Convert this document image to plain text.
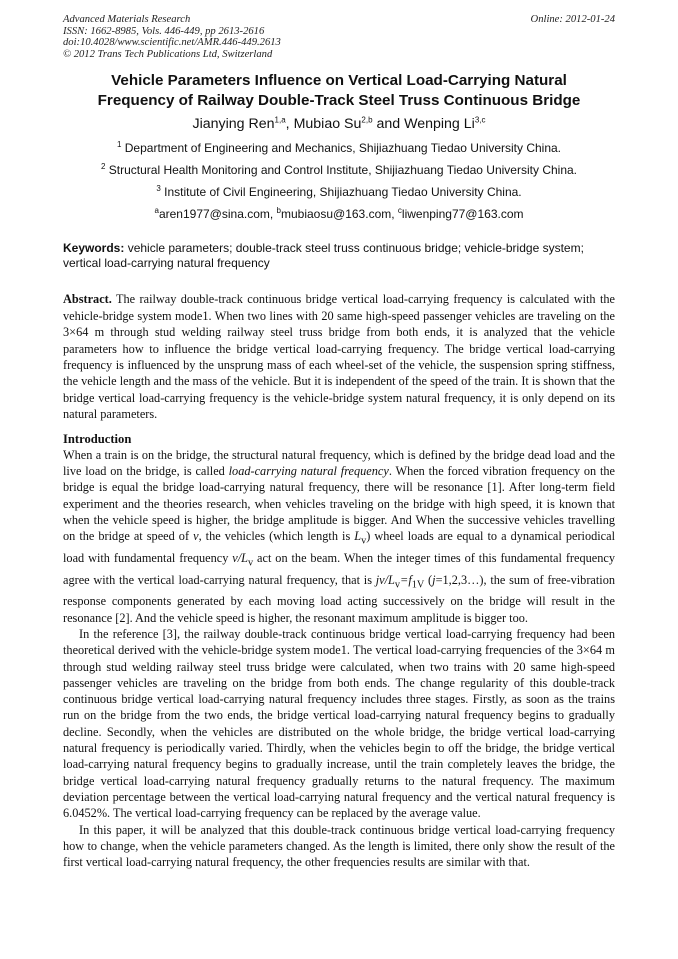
Advanced Materials Research
ISSN: 1662-8985, Vols. 446-449, pp 2613-2616
doi:10.4028/www.scientific.net/AMR.446-449.2613
© 2012 Trans Tech Publications Ltd, Switzerland
Online: 2012-01-24
Vehicle Parameters Influence on Vertical Load-Carrying Natural
Frequency of Railway Double-Track Steel Truss Continuous Bridge
Jianying Ren$^{1,a}$, Mubiao Su$^{2,b}$ and Wenping Li$^{3,c}$
$^1$ Department of Engineering and Mechanics, Shijiazhuang Tiedao University China.
$^2$ Structural Health Monitoring and Control Institute, Shijiazhuang Tiedao University China.
$^3$ Institute of Civil Engineering, Shijiazhuang Tiedao University China.
$^a$aren1977@sina.com, $^b$mubiaosu@163.com, $^c$liwenping77@163.com
Keywords: vehicle parameters; double-track steel truss continuous bridge; vehicle-bridge system; vertical load-carrying natural frequency
Abstract. The railway double-track continuous bridge vertical load-carrying frequency is calculated with the vehicle-bridge system mode1. When two lines with 20 same high-speed passenger vehicles are traveling on the 3×64 m through stud welding railway steel truss bridge from both ends, it is analyzed that the vehicle parameters how to influence the bridge vertical load-carrying frequency. The bridge vertical load-carrying frequency is influenced by the unsprung mass of each wheel-set of the vehicle, the suspension spring stiffness, the vehicle length and the mass of the vehicle. But it is independent of the speed of the train. It is shown that the bridge vertical load-carrying frequency is the vehicle-bridge system natural frequency, it is only depend on its natural parameters.
Introduction

When a train is on the bridge, the structural natural frequency, which is defined by the bridge dead load and the live load on the bridge, is called load-carrying natural frequency. When the forced vibration frequency on the bridge is equal the bridge load-carrying natural frequency, there will be resonance [1]. After long-term field experiment and the theories research, when vehicles traveling on the bridge with high speed, it is known that when the vehicle speed is higher, the bridge amplitude is bigger. And When the successive vehicles travelling on the bridge at speed of v, the vehicles (which length is $L_v$) wheel loads are equal to a dynamical periodical load with fundamental frequency $v/L_v$ act on the beam. When the integer times of this fundamental frequency agree with the vertical load-carrying natural frequency, that is $jv/L_v=f_{1V}$ (j=1,2,3…), the sum of free-vibration response components generated by each moving load acting successively on the bridge will result in the resonance [2]. And the vehicle speed is higher, the resonant maximum amplitude is bigger too.

In the reference [3], the railway double-track continuous bridge vertical load-carrying frequency had been theoretical derived with the vehicle-bridge system mode1. The vertical load-carrying frequencies of the 3×64 m through stud welding railway steel truss bridge were calculated, when two trains with 20 same high-speed passenger vehicles are traveling on the bridge from both ends. The change regularity of this double-track continuous bridge vertical load-carrying natural frequency includes three stages. Firstly, as soon as the trains run on the bridge from the two ends, the bridge vertical load-carrying natural frequency begins to gradually decline. Secondly, when the vehicles are distributed on the whole bridge, the bridge vertical load-carrying natural frequency is periodically varied. Thirdly, when the vehicles begin to off the bridge, the bridge vertical load-carrying natural frequency begins to gradually increase, until the train completely leaves the bridge, the bridge vertical load-carrying natural frequency gradually returns to the natural frequency. The maximum deviation percentage between the vertical load-carrying natural frequency and the vertical natural frequency is 6.0452%. The vertical load-carrying frequency can be replaced by the average value.

In this paper, it will be analyzed that this double-track continuous bridge vertical load-carrying frequency how to change, when the vehicle parameters changed. As the length is limited, there only show the result of the first vertical load-carrying natural frequency, the other frequencies results are similar with that.
